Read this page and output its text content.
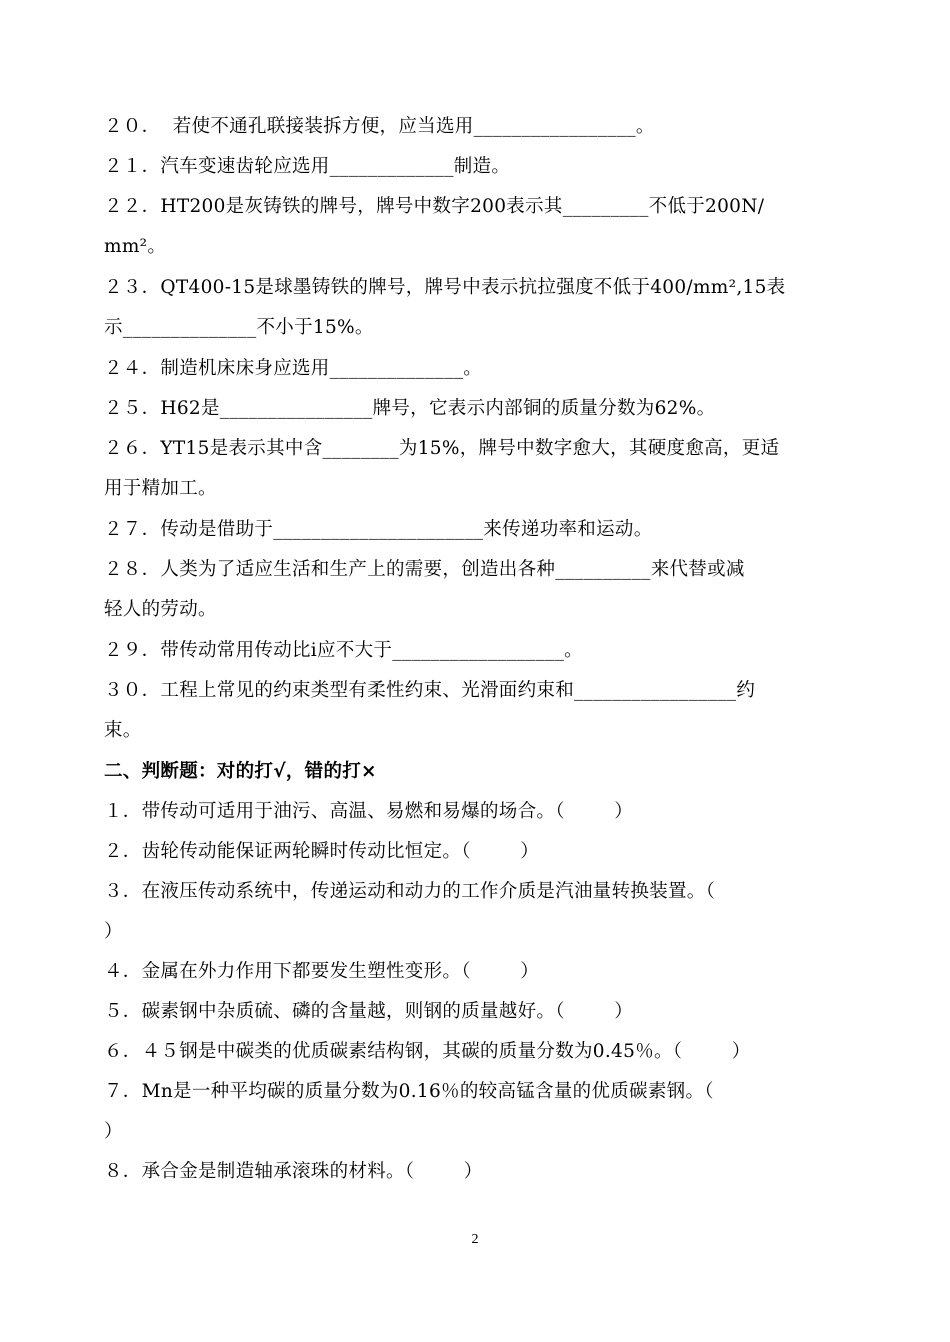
２０．  若使不通孔联接装拆方便，应当选用_________________。
２１．汽车变速齿轮应选用_____________制造。
２２．HT200是灰铸铁的牌号，牌号中数字200表示其_________不低于200N/
mm²。
２３．QT400-15是球墨铸铁的牌号，牌号中表示抗拉强度不低于400/mm²,15表
示______________不小于15%。
２４．制造机床床身应选用______________。
２５．H62是________________牌号，它表示内部铜的质量分数为62%。
２６．YT15是表示其中含________为15%，牌号中数字愈大，其硬度愈高，更适
用于精加工。
２７．传动是借助于______________________来传递功率和运动。
２８．人类为了适应生活和生产上的需要，创造出各种__________来代替或减
轻人的劳动。
２９．带传动常用传动比i应不大于__________________。
３０．工程上常见的约束类型有柔性约束、光滑面约束和_________________约
束。
二、判断题：对的打√，错的打×
１．带传动可适用于油污、高温、易燃和易爆的场合。（        ）
２．齿轮传动能保证两轮瞬时传动比恒定。（        ）
３．在液压传动系统中，传递运动和动力的工作介质是汽油量转换装置。（
）
４．金属在外力作用下都要发生塑性变形。（        ）
５．碳素钢中杂质硫、磷的含量越，则钢的质量越好。（        ）
６．４５钢是中碳类的优质碳素结构钢，其碳的质量分数为0.45％。（        ）
７．Mn是一种平均碳的质量分数为0.16％的较高锰含量的优质碳素钢。（
）
８．承合金是制造轴承滚珠的材料。（        ）
2
